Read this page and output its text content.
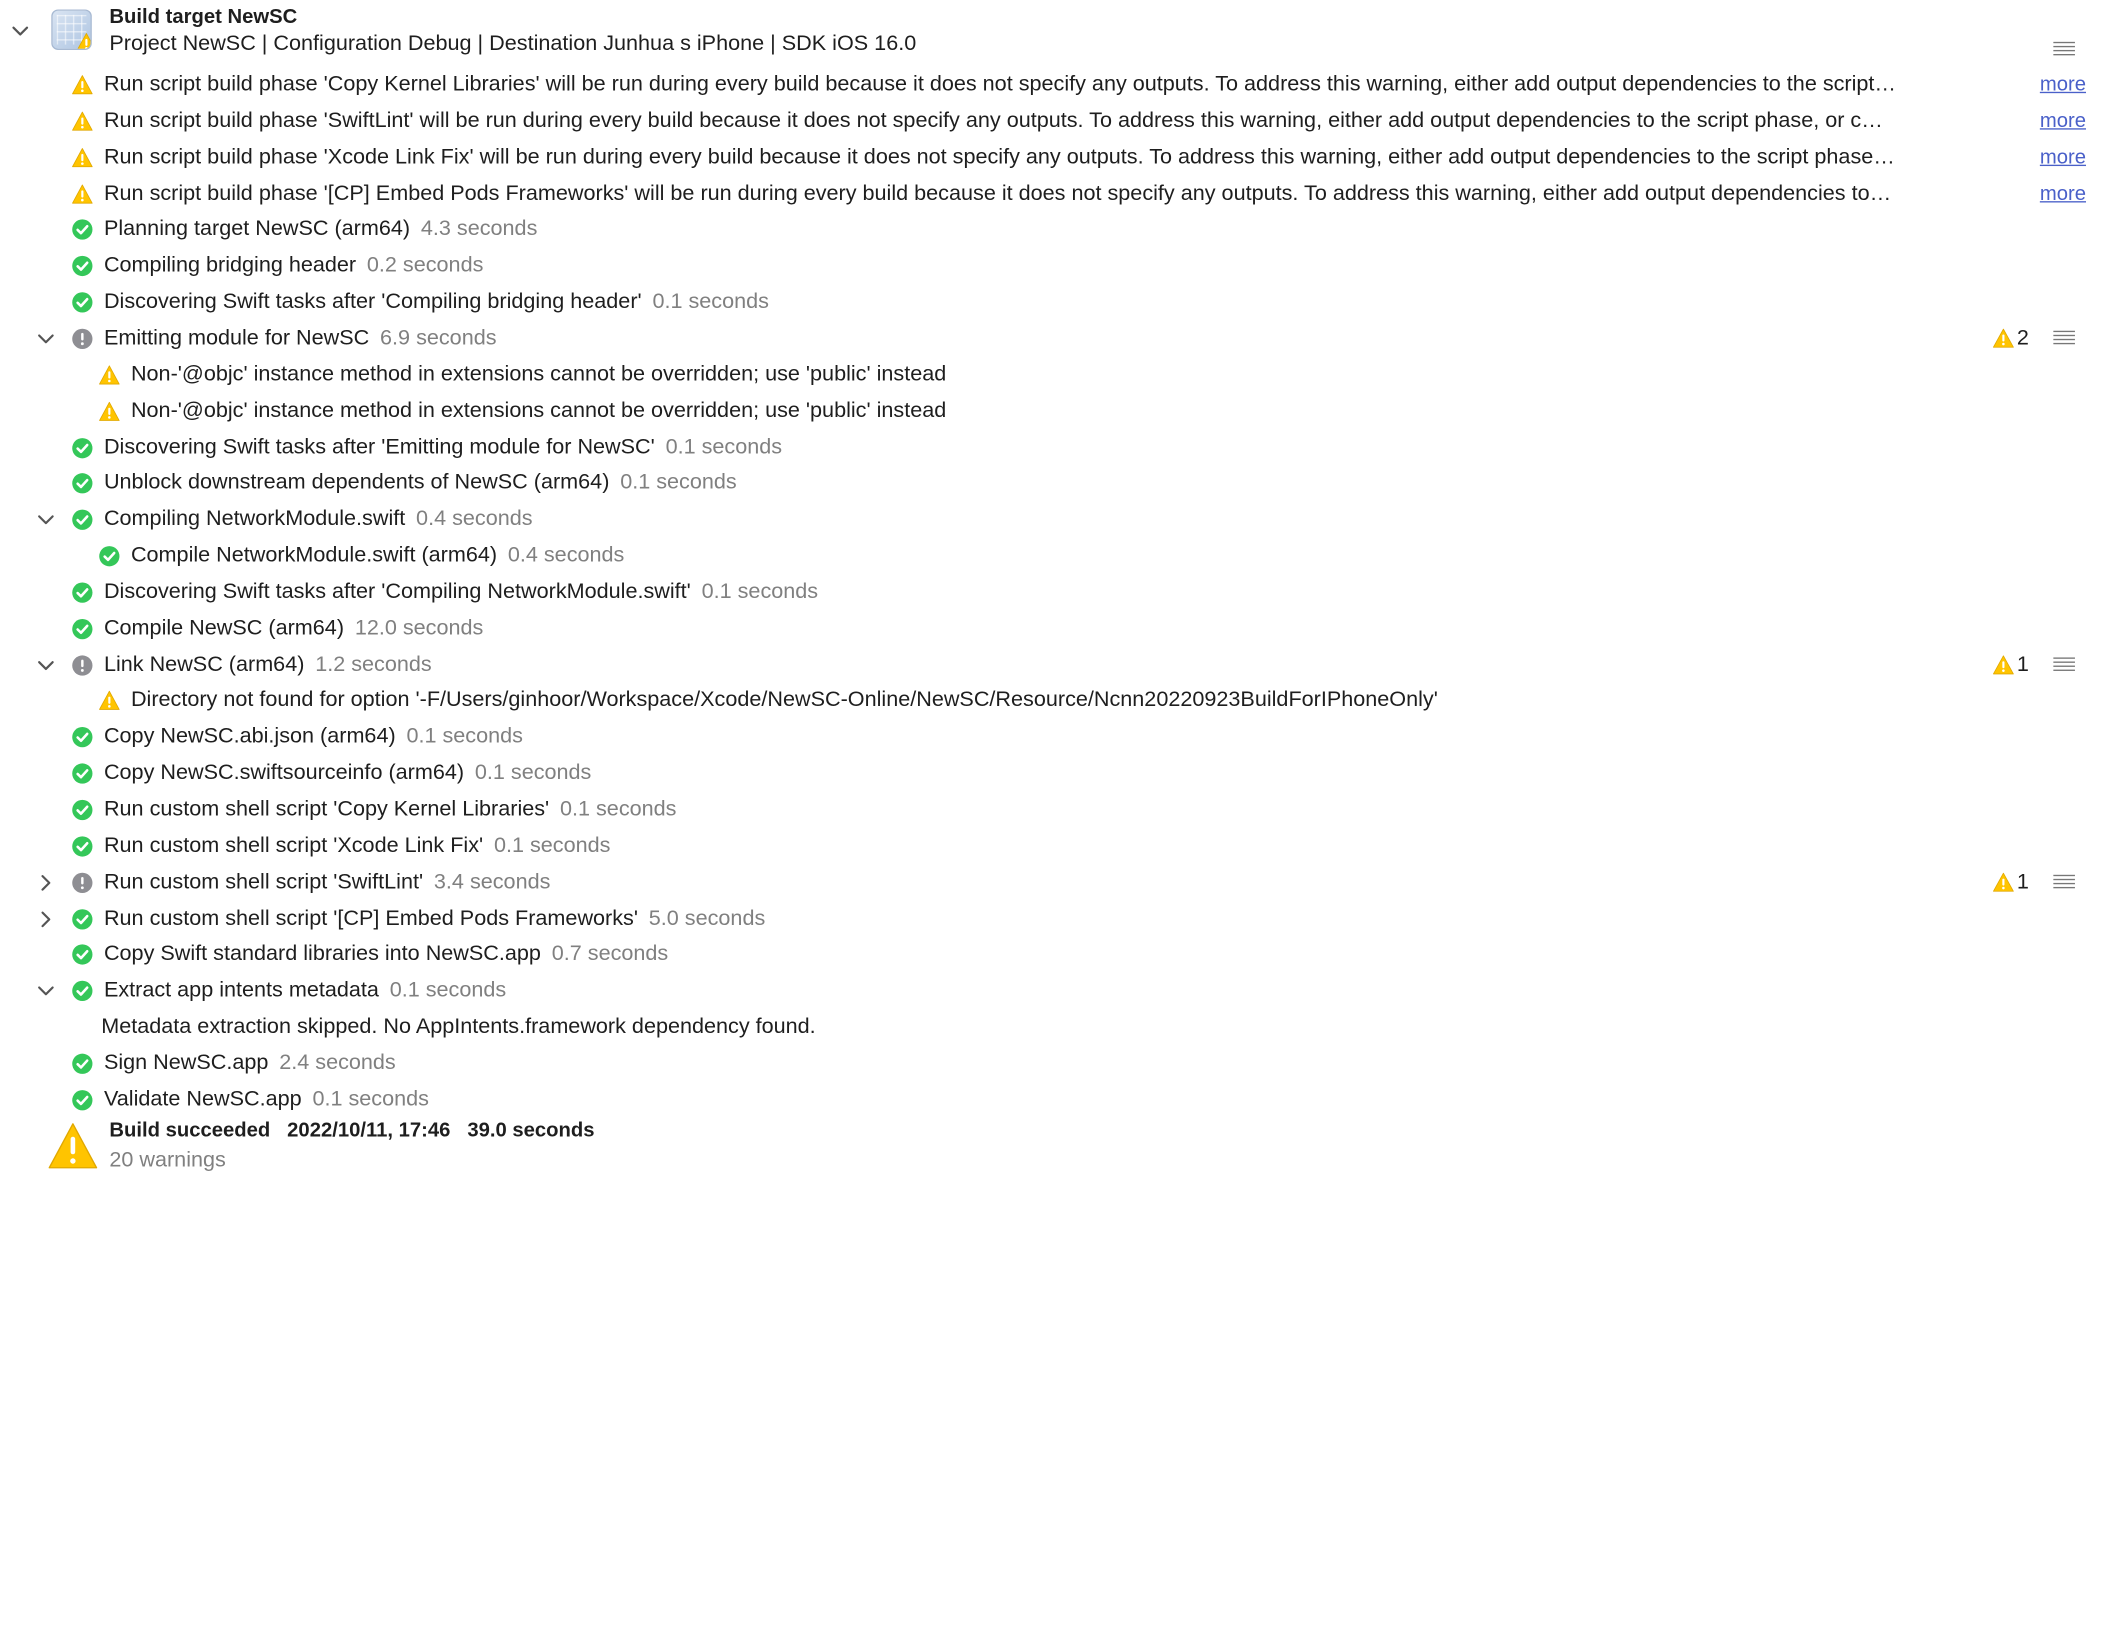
Build target NewSC
Project NewSC | Configuration Debug | Destination Junhua s iPhone | SDK iOS 16.0
Run script build phase 'Copy Kernel Libraries' will be run during every build because it does not specify any outputs. To address this warning, either add output dependencies to the script…	more
Run script build phase 'SwiftLint' will be run during every build because it does not specify any outputs. To address this warning, either add output dependencies to the script phase, or c…	more
Run script build phase 'Xcode Link Fix' will be run during every build because it does not specify any outputs. To address this warning, either add output dependencies to the script phase…	more
Run script build phase '[CP] Embed Pods Frameworks' will be run during every build because it does not specify any outputs. To address this warning, either add output dependencies to…	more
Planning target NewSC (arm64) 4.3 seconds
Compiling bridging header 0.2 seconds
Discovering Swift tasks after 'Compiling bridging header' 0.1 seconds
Emitting module for NewSC 6.9 seconds	2
Non-'@objc' instance method in extensions cannot be overridden; use 'public' instead
Non-'@objc' instance method in extensions cannot be overridden; use 'public' instead
Discovering Swift tasks after 'Emitting module for NewSC' 0.1 seconds
Unblock downstream dependents of NewSC (arm64) 0.1 seconds
Compiling NetworkModule.swift 0.4 seconds
Compile NetworkModule.swift (arm64) 0.4 seconds
Discovering Swift tasks after 'Compiling NetworkModule.swift' 0.1 seconds
Compile NewSC (arm64) 12.0 seconds
Link NewSC (arm64) 1.2 seconds	1
Directory not found for option '-F/Users/ginhoor/Workspace/Xcode/NewSC-Online/NewSC/Resource/Ncnn20220923BuildForIPhoneOnly'
Copy NewSC.abi.json (arm64) 0.1 seconds
Copy NewSC.swiftsourceinfo (arm64) 0.1 seconds
Run custom shell script 'Copy Kernel Libraries' 0.1 seconds
Run custom shell script 'Xcode Link Fix' 0.1 seconds
Run custom shell script 'SwiftLint' 3.4 seconds	1
Run custom shell script '[CP] Embed Pods Frameworks' 5.0 seconds
Copy Swift standard libraries into NewSC.app 0.7 seconds
Extract app intents metadata 0.1 seconds
Metadata extraction skipped. No AppIntents.framework dependency found.
Sign NewSC.app 2.4 seconds
Validate NewSC.app 0.1 seconds
Build succeeded 2022/10/11, 17:46 39.0 seconds
20 warnings
